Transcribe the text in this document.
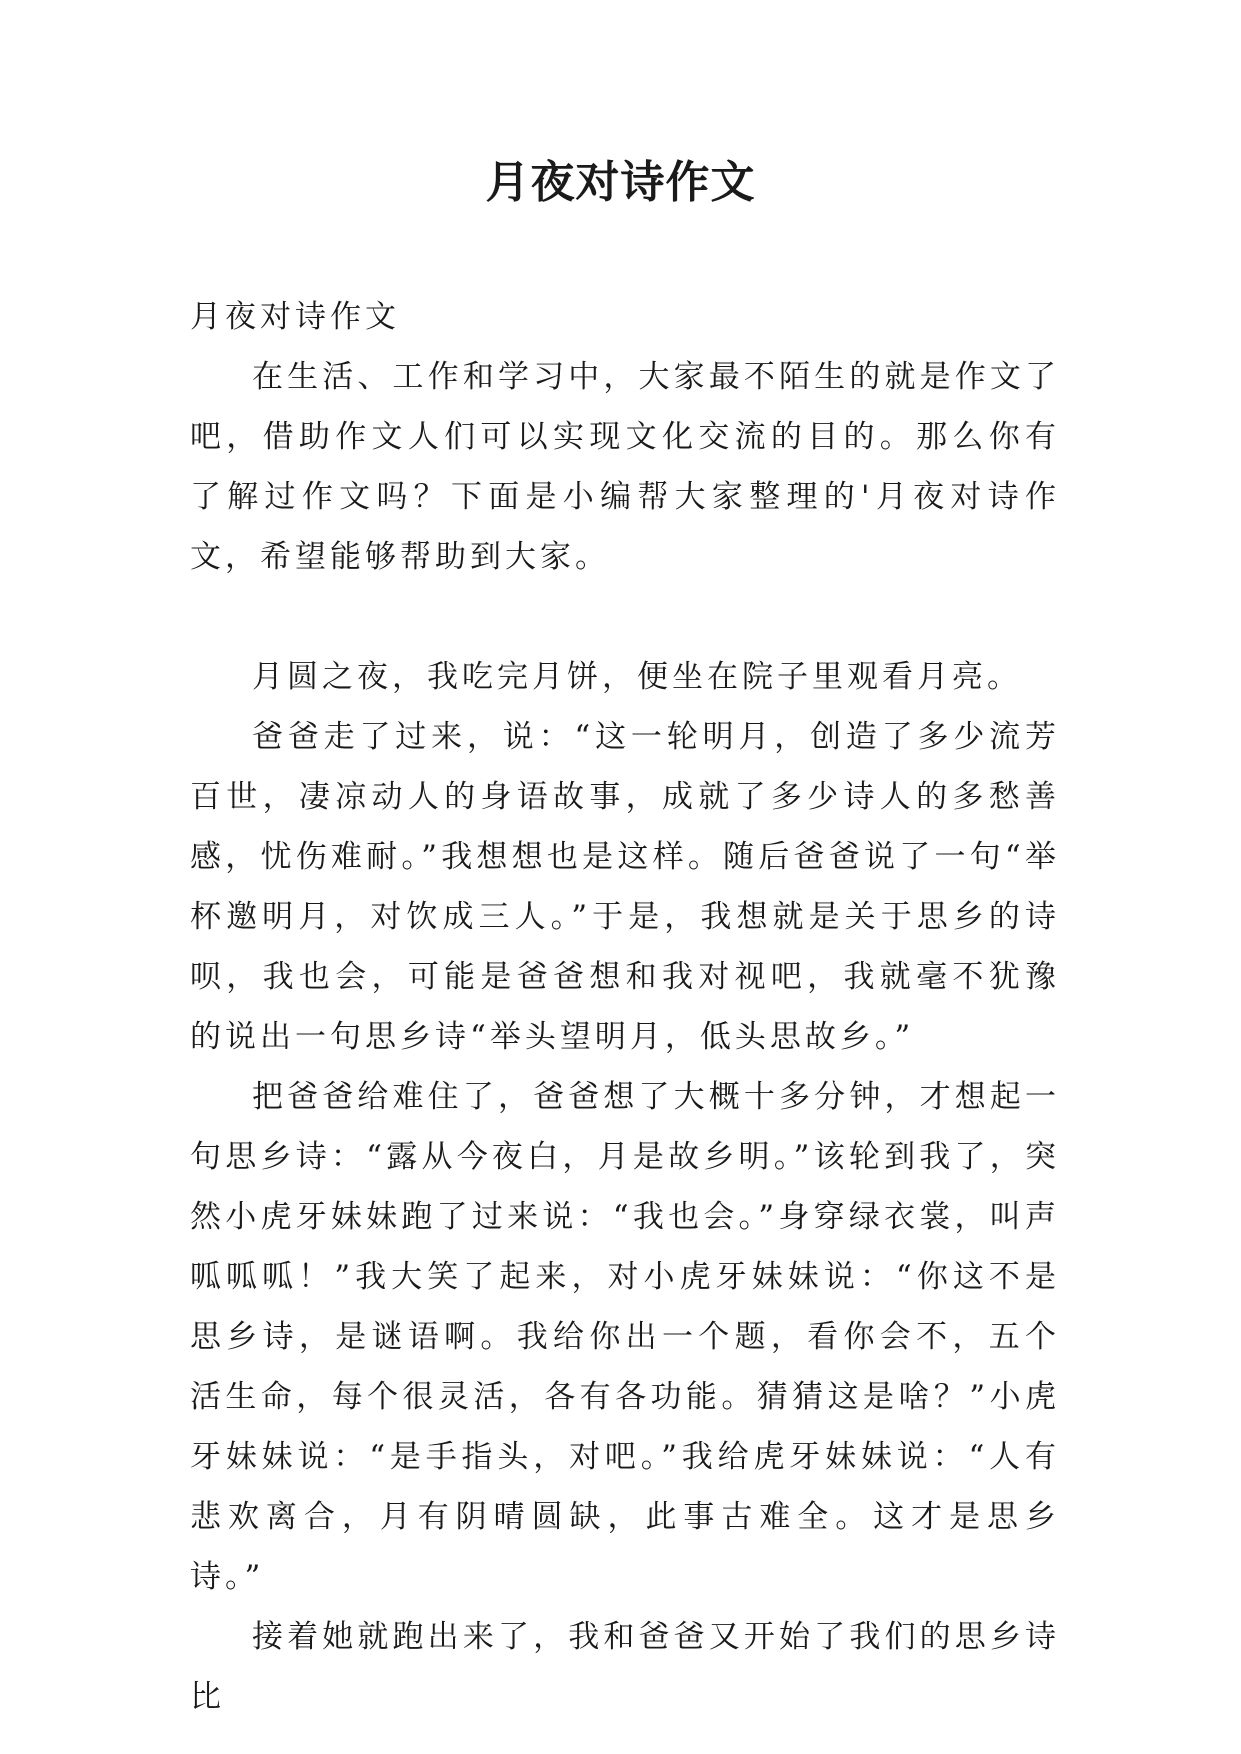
月夜对诗作文

月夜对诗作文

在生活、工作和学习中，大家最不陌生的就是作文了吧，借助作文人们可以实现文化交流的目的。那么你有了解过作文吗？下面是小编帮大家整理的'月夜对诗作文，希望能够帮助到大家。

月圆之夜，我吃完月饼，便坐在院子里观看月亮。

爸爸走了过来，说：“这一轮明月，创造了多少流芳百世，凄凉动人的身语故事，成就了多少诗人的多愁善感，忧伤难耐。”我想想也是这样。随后爸爸说了一句“举杯邀明月，对饮成三人。”于是，我想就是关于思乡的诗呗，我也会，可能是爸爸想和我对视吧，我就毫不犹豫的说出一句思乡诗“举头望明月，低头思故乡。”

把爸爸给难住了，爸爸想了大概十多分钟，才想起一句思乡诗：“露从今夜白，月是故乡明。”该轮到我了，突然小虎牙妹妹跑了过来说：“我也会。”身穿绿衣裳，叫声呱呱呱！”我大笑了起来，对小虎牙妹妹说：“你这不是思乡诗，是谜语啊。我给你出一个题，看你会不，五个活生命，每个很灵活，各有各功能。猜猜这是啥？”小虎牙妹妹说：“是手指头，对吧。”我给虎牙妹妹说：“人有悲欢离合，月有阴晴圆缺，此事古难全。这才是思乡诗。”

接着她就跑出来了，我和爸爸又开始了我们的思乡诗比
